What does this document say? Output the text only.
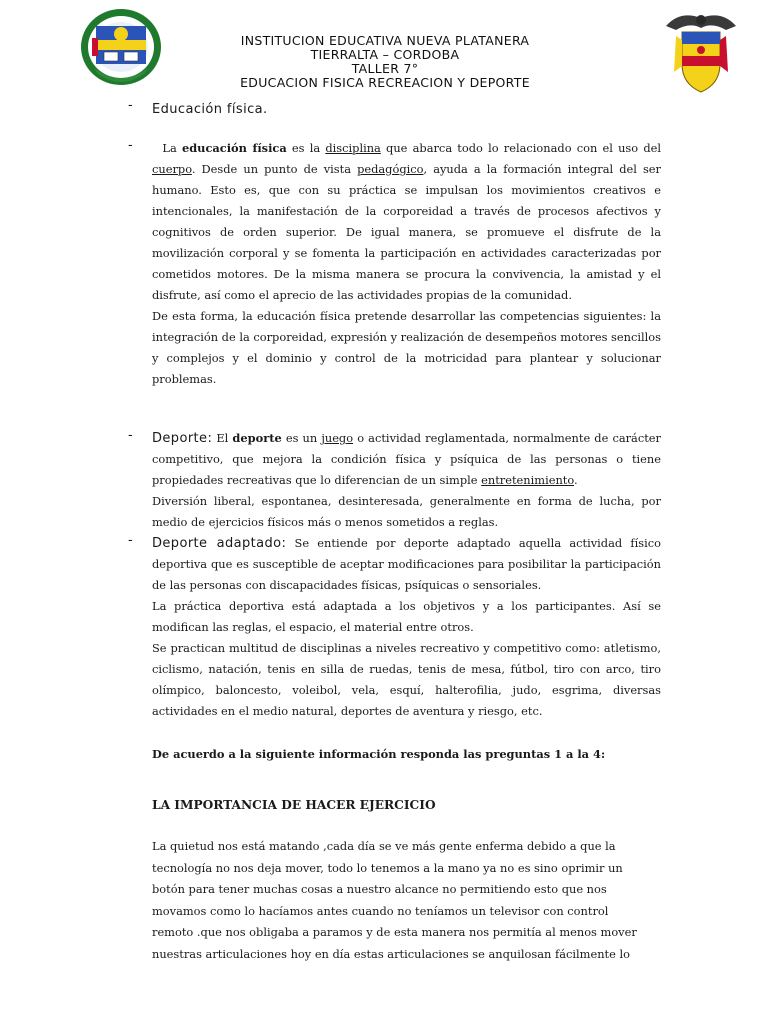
INSTITUCION EDUCATIVA NUEVA PLATANERA
TIERRALTA – CORDOBA
TALLER 7°
EDUCACION FISICA RECREACION Y DEPORTE
- Educación física.
-	La educación física es la disciplina que abarca todo lo relacionado con el uso del cuerpo. Desde un punto de vista pedagógico, ayuda a la formación integral del ser humano. Esto es, que con su práctica se impulsan los movimientos creativos e intencionales, la manifestación de la corporeidad a través de procesos afectivos y cognitivos de orden superior. De igual manera, se promueve el disfrute de la movilización corporal y se fomenta la participación en actividades caracterizadas por cometidos motores. De la misma manera se procura la convivencia, la amistad y el disfrute, así como el aprecio de las actividades propias de la comunidad.

De esta forma, la educación física pretende desarrollar las competencias siguientes: la integración de la corporeidad, expresión y realización de desempeños motores sencillos y complejos y el dominio y control de la motricidad para plantear y solucionar problemas.

- Deporte: El deporte es un juego o actividad reglamentada, normalmente de carácter competitivo, que mejora la condición física y psíquica de las personas o tiene propiedades recreativas que lo diferencian de un simple entretenimiento.

Diversión liberal, espontanea, desinteresada, generalmente en forma de lucha, por medio de ejercicios físicos más o menos sometidos a reglas.

- Deporte adaptado: Se entiende por deporte adaptado aquella actividad físico deportiva que es susceptible de aceptar modificaciones para posibilitar la participación de las personas con discapacidades físicas, psíquicas o sensoriales.

La práctica deportiva está adaptada a los objetivos y a los participantes. Así se modifican las reglas, el espacio, el material entre otros.

Se practican multitud de disciplinas a niveles recreativo y competitivo como: atletismo, ciclismo, natación, tenis en silla de ruedas, tenis de mesa, fútbol, tiro con arco, tiro olímpico, baloncesto, voleibol, vela, esquí, halterofilia, judo, esgrima, diversas actividades en el medio natural, deportes de aventura y riesgo, etc.

De acuerdo a la siguiente información responda las preguntas 1 a la 4:

LA IMPORTANCIA DE HACER EJERCICIO

La quietud nos está matando ,cada día se ve más gente enferma debido a que la

tecnología no nos deja mover, todo lo tenemos a la mano ya no es sino oprimir un

botón para tener muchas cosas a nuestro alcance no permitiendo esto que nos

movamos como lo hacíamos antes cuando no teníamos un televisor con control

remoto .que nos obligaba a paramos y de esta manera nos permitía al menos mover

nuestras articulaciones hoy en día estas articulaciones se anquilosan fácilmente lo
